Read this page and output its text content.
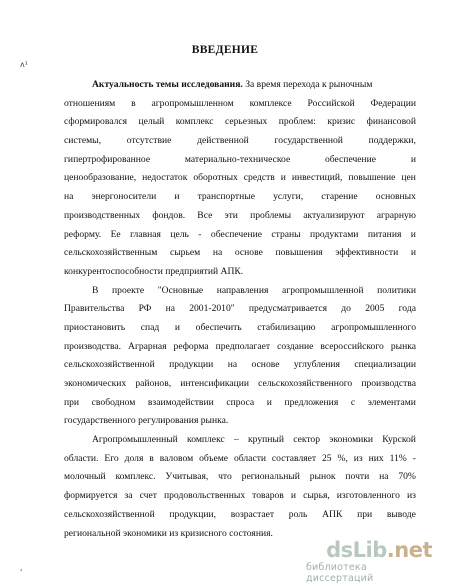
ᴧ¹
'
ВВЕДЕНИЕ
Актуальность темы исследования. За время перехода к рыночным
отношениям в агропромышленном комплексе Российской Федерации
сформировался целый комплекс серьезных проблем: кризис финансовой
системы,	отсутствие	действенной	государственной	поддержки,
гипертрофированное	материально-техническое	обеспечение	и
ценообразование, недостаток оборотных средств и инвестиций, повышение цен
на энергоносители и транспортные услуги, старение основных
производственных фондов. Все эти проблемы актуализируют аграрную
реформу. Ее главная цель - обеспечение страны продуктами питания и
сельскохозяйственным сырьем на основе повышения эффективности и
конкурентоспособности предприятий АПК.
В проекте "Основные направления агропромышленной политики
Правительства РФ на 2001-2010" предусматривается до 2005 года
приостановить спад и обеспечить стабилизацию агропромышленного
производства. Аграрная реформа предполагает создание всероссийского рынка
сельскохозяйственной продукции на основе углубления специализации
экономических районов, интенсификации сельскохозяйственного производства
при свободном взаимодействии спроса и предложения с элементами
государственного регулирования рынка.
Агропромышленный комплекс – крупный сектор экономики Курской
области. Его доля в валовом объеме области составляет 25 %, из них 11% -
молочный комплекс. Учитывая, что региональный рынок почти на 70%
формируется за счет продовольственных товаров и сырья, изготовленного из
сельскохозяйственной продукции, возрастает роль АПК при выводе
региональной экономики из кризисного состояния.
dsLib.net
библиотека диссертаций
